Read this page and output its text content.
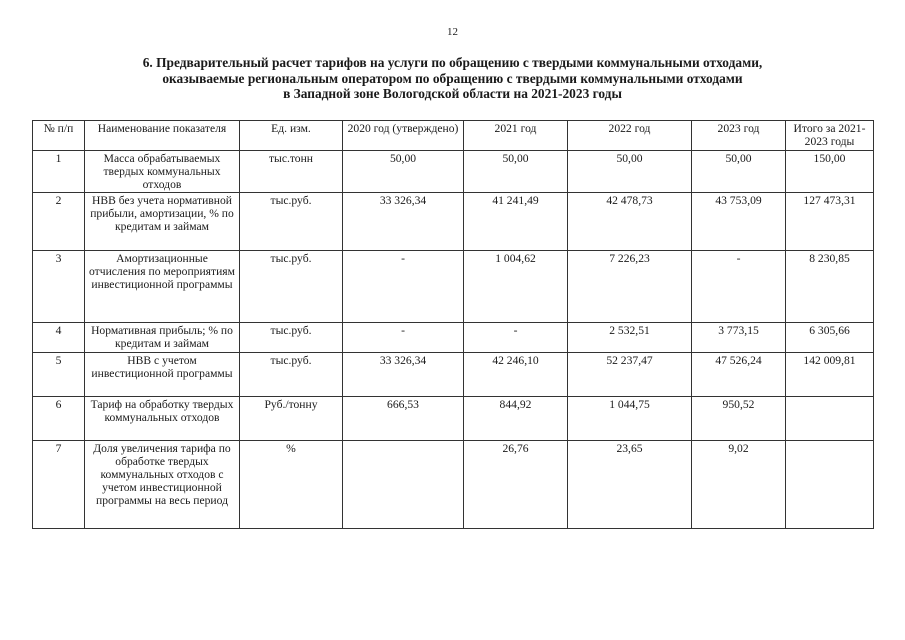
12
6. Предварительный расчет тарифов на услуги по обращению с твердыми коммунальными отходами,
оказываемые региональным оператором по обращению с твердыми коммунальными отходами
в Западной зоне Вологодской области на 2021-2023 годы
№ п/п	Наименование показателя	Ед. изм.	2020 год (утверждено)	2021 год	2022 год	2023 год	Итого за 2021-2023 годы
1	Масса обрабатываемых твердых коммунальных отходов	тыс.тонн	50,00	50,00	50,00	50,00	150,00
2	НВВ без учета нормативной прибыли, амортизации, % по кредитам и займам	тыс.руб.	33 326,34	41 241,49	42 478,73	43 753,09	127 473,31
3	Амортизационные отчисления по мероприятиям инвестиционной программы	тыс.руб.	-	1 004,62	7 226,23	-	8 230,85
4	Нормативная прибыль; % по кредитам и займам	тыс.руб.	-	-	2 532,51	3 773,15	6 305,66
5	НВВ с учетом инвестиционной программы	тыс.руб.	33 326,34	42 246,10	52 237,47	47 526,24	142 009,81
6	Тариф на обработку твердых коммунальных отходов	Руб./тонну	666,53	844,92	1 044,75	950,52	
7	Доля увеличения тарифа по обработке твердых коммунальных отходов с учетом инвестиционной программы на весь период	%		26,76	23,65	9,02	
